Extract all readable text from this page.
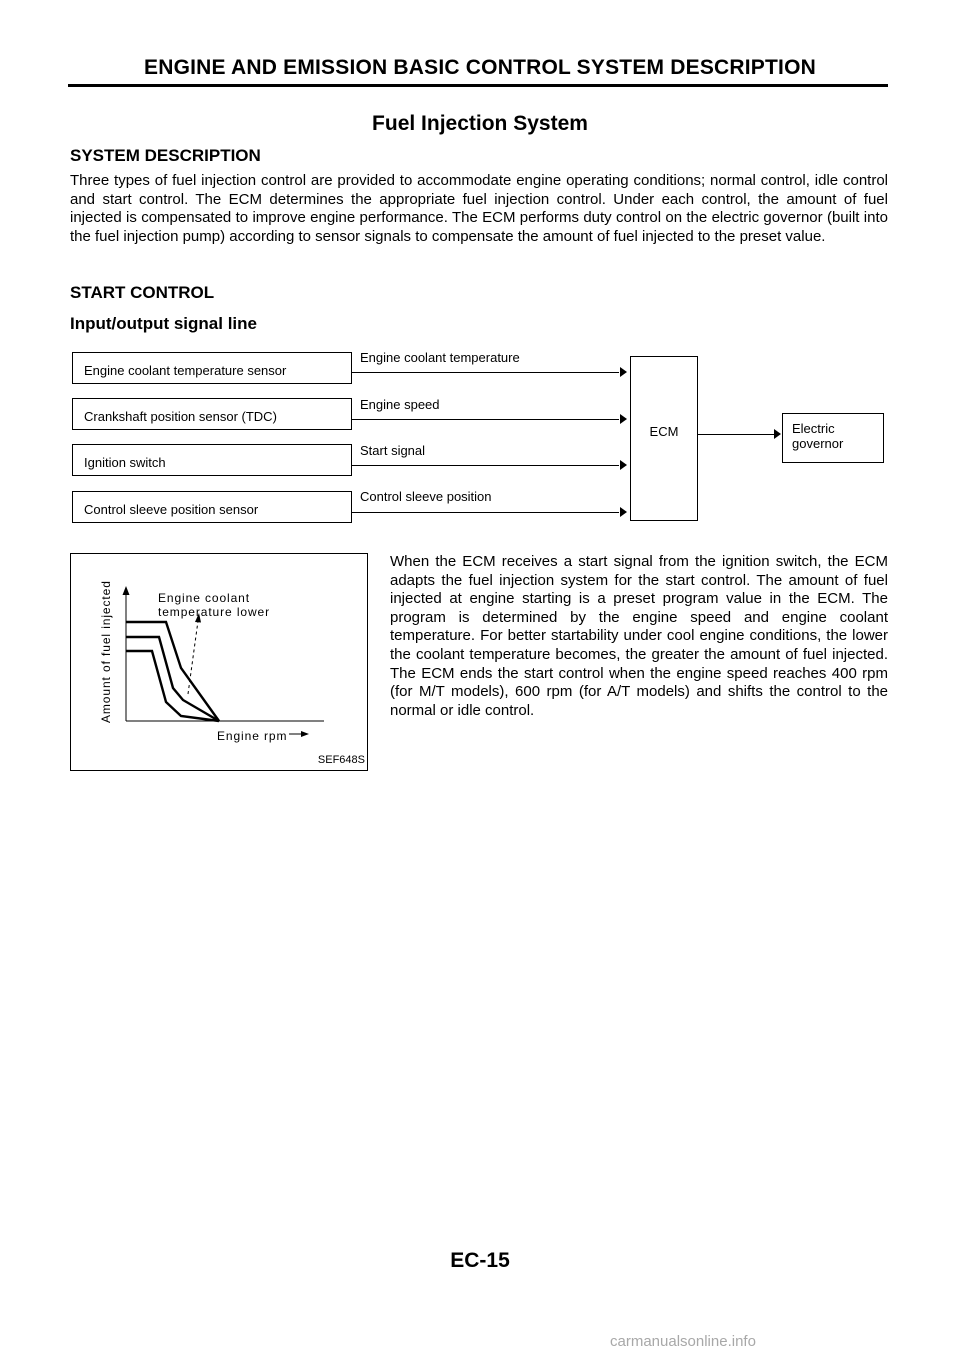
ENGINE AND EMISSION BASIC CONTROL SYSTEM DESCRIPTION
Fuel Injection System
SYSTEM DESCRIPTION
Three types of fuel injection control are provided to accommodate engine operating conditions; normal control, idle control and start control. The ECM determines the appropriate fuel injection control. Under each control, the amount of fuel injected is compensated to improve engine performance. The ECM performs duty control on the electric governor (built into the fuel injection pump) according to sensor signals to compensate the amount of fuel injected to the preset value.
START CONTROL
Input/output signal line
Engine coolant temperature sensor
Crankshaft position sensor (TDC)
Ignition switch
Control sleeve position sensor
Engine coolant temperature
Engine speed
Start signal
Control sleeve position
ECM	Electric
governor
Engine coolant
temperature lower
Engine rpm
Amount of fuel injected
SEF648S
When the ECM receives a start signal from the ignition switch, the ECM adapts the fuel injection system for the start control. The amount of fuel injected at engine starting is a preset program value in the ECM. The program is determined by the engine speed and engine coolant temperature. For better startability under cool engine conditions, the lower the coolant temperature becomes, the greater the amount of fuel injected. The ECM ends the start control when the engine speed reaches 400 rpm (for M/T models), 600 rpm (for A/T models) and shifts the control to the normal or idle control.
EC-15
carmanualsonline.info
